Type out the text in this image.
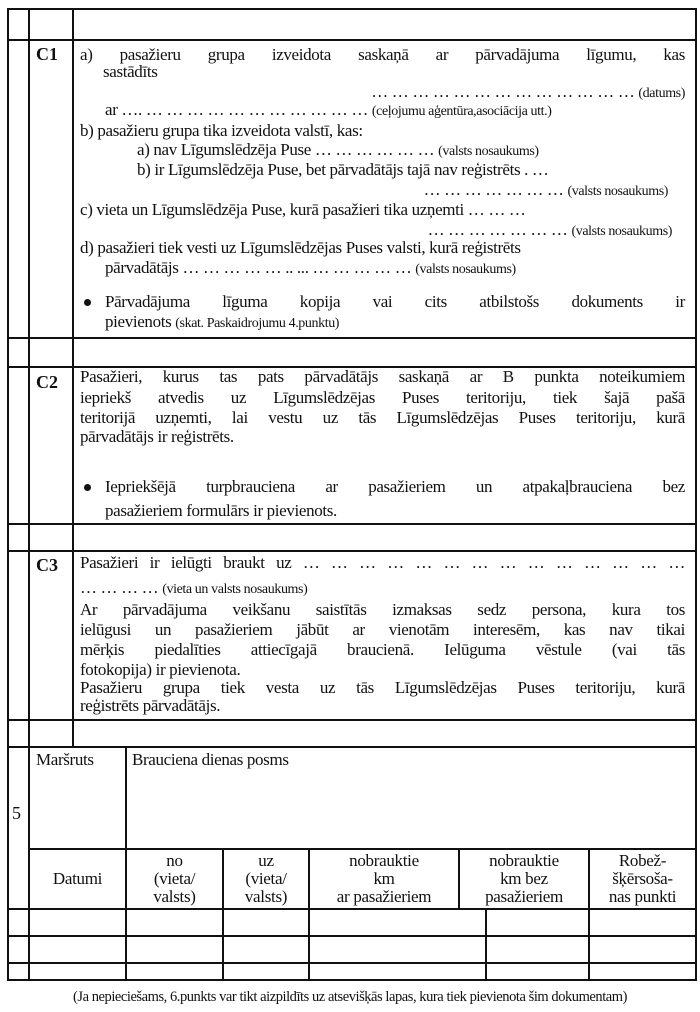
C1 a) pasažieru grupa izveidota saskaņā ar pārvadājuma līgumu, kas
sastādīts
… … … … … … … … … … … … … (datums)
ar …. … … … … … … … … … … … (ceļojumu aģentūra,asociācija utt.)
b) pasažieru grupa tika izveidota valstī, kas:
a) nav Līgumslēdzēja Puse … … … … … … (valsts nosaukums)
b) ir Līgumslēdzēja Puse, bet pārvadātājs tajā nav reģistrēts . …
… … … … … … … (valsts nosaukums)
c) vieta un Līgumslēdzēja Puse, kurā pasažieri tika uzņemti … … …
… … … … … … … (valsts nosaukums)
d) pasažieri tiek vesti uz Līgumslēdzējas Puses valsti, kurā reģistrēts
pārvadātājs … … … … … .. ... … … … … … (valsts nosaukums)
Pārvadājuma līguma kopija vai cits atbilstošs dokuments ir
pievienots (skat. Paskaidrojumu 4.punktu)
C2 Pasažieri, kurus tas pats pārvadātājs saskaņā ar B punkta noteikumiem
iepriekš atvedis uz Līgumslēdzējas Puses teritoriju, tiek šajā pašā
teritorijā uzņemti, lai vestu uz tās Līgumslēdzējas Puses teritoriju, kurā
pārvadātājs ir reģistrēts.
Iepriekšējā turpbrauciena ar pasažieriem un atpakaļbrauciena bez
pasažieriem formulārs ir pievienots.
C3 Pasažieri ir ielūgti braukt uz … … … … … … … … … … … … … …
… … … … (vieta un valsts nosaukums)
Ar pārvadājuma veikšanu saistītās izmaksas sedz persona, kura tos
ielūgusi un pasažieriem jābūt ar vienotām interesēm, kas nav tikai
mērķis piedalīties attiecīgajā braucienā. Ielūguma vēstule (vai tās
fotokopija) ir pievienota.
Pasažieru grupa tiek vesta uz tās Līgumslēdzējas Puses teritoriju, kurā
reģistrēts pārvadātājs.
5
Maršruts Brauciena dienas posms
Datumi
no
(vieta/
valsts)
uz
(vieta/
valsts)
nobrauktie
km
ar pasažieriem
nobrauktie
km bez
pasažieriem
Robež-
šķērsoša-
nas punkti
(Ja nepieciešams, 6.punkts var tikt aizpildīts uz atsevišķās lapas, kura tiek pievienota šim dokumentam)
